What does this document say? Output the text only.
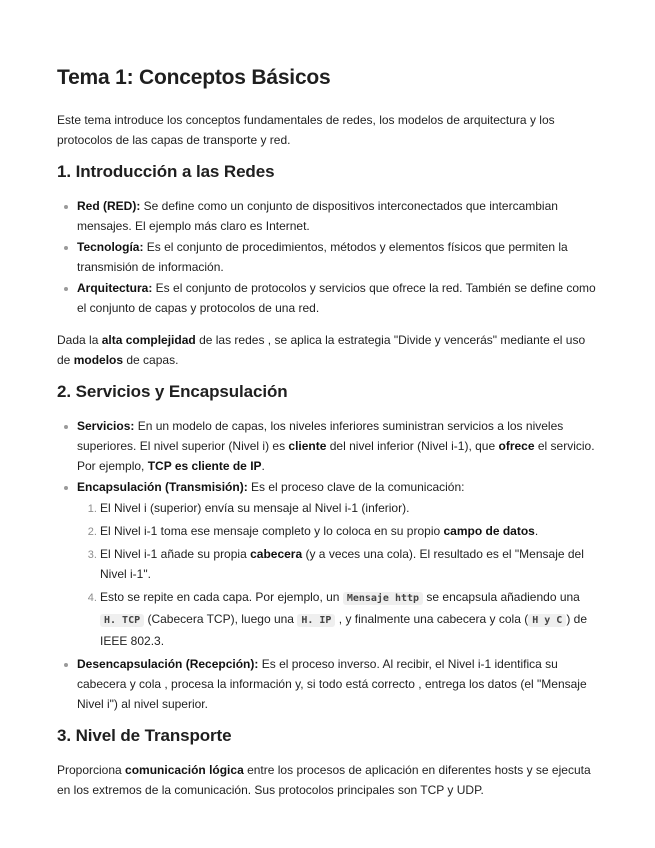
Tema 1: Conceptos Básicos

Este tema introduce los conceptos fundamentales de redes, los modelos de arquitectura y los protocolos de las capas de transporte y red.

1. Introducción a las Redes
Red (RED): Se define como un conjunto de dispositivos interconectados que intercambian mensajes. El ejemplo más claro es Internet.
Tecnología: Es el conjunto de procedimientos, métodos y elementos físicos que permiten la transmisión de información.
Arquitectura: Es el conjunto de protocolos y servicios que ofrece la red. También se define como el conjunto de capas y protocolos de una red.

Dada la alta complejidad de las redes , se aplica la estrategia "Divide y vencerás" mediante el uso de modelos de capas.

2. Servicios y Encapsulación
Servicios: En un modelo de capas, los niveles inferiores suministran servicios a los niveles superiores. El nivel superior (Nivel i) es cliente del nivel inferior (Nivel i-1), que ofrece el servicio. Por ejemplo, TCP es cliente de IP.
Encapsulación (Transmisión): Es el proceso clave de la comunicación:
1. El Nivel i (superior) envía su mensaje al Nivel i-1 (inferior).
2. El Nivel i-1 toma ese mensaje completo y lo coloca en su propio campo de datos.
3. El Nivel i-1 añade su propia cabecera (y a veces una cola). El resultado es el "Mensaje del Nivel i-1".
4. Esto se repite en cada capa. Por ejemplo, un Mensaje http se encapsula añadiendo una H. TCP (Cabecera TCP), luego una H. IP , y finalmente una cabecera y cola ( H y C ) de IEEE 802.3.
Desencapsulación (Recepción): Es el proceso inverso. Al recibir, el Nivel i-1 identifica su cabecera y cola , procesa la información y, si todo está correcto , entrega los datos (el "Mensaje Nivel i") al nivel superior.
3. Nivel de Transporte

Proporciona comunicación lógica entre los procesos de aplicación en diferentes hosts y se ejecuta en los extremos de la comunicación. Sus protocolos principales son TCP y UDP.
